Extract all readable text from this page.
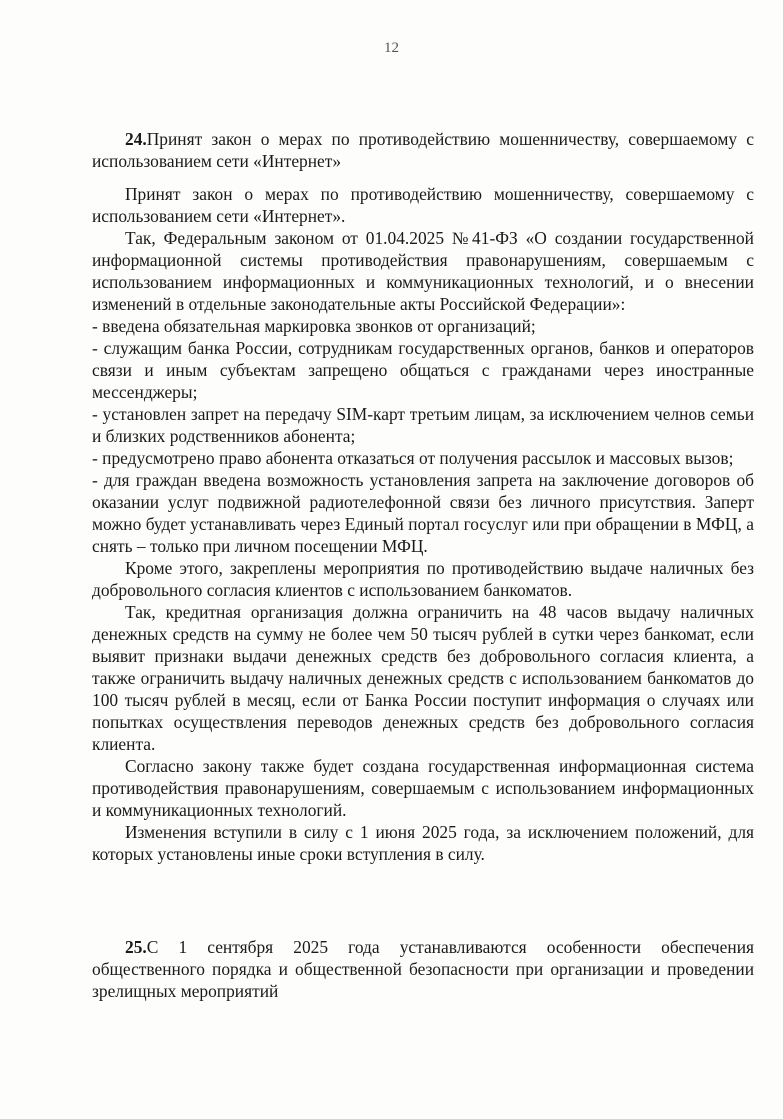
12

24.Принят закон о мерах по противодействию мошенничеству, совершаемому с использованием сети «Интернет»

Принят закон о мерах по противодействию мошенничеству, совершаемому с использованием сети «Интернет».

Так, Федеральным законом от 01.04.2025 №41-ФЗ «О создании государственной информационной системы противодействия правонарушениям, совершаемым с использованием информационных и коммуникационных технологий, и о внесении изменений в отдельные законодательные акты Российской Федерации»:

- введена обязательная маркировка звонков от организаций;

- служащим банка России, сотрудникам государственных органов, банков и операторов связи и иным субъектам запрещено общаться с гражданами через иностранные мессенджеры;

- установлен запрет на передачу SIM-карт третьим лицам, за исключением челнов семьи и близких родственников абонента;

- предусмотрено право абонента отказаться от получения рассылок и массовых вызов;

- для граждан введена возможность установления запрета на заключение договоров об оказании услуг подвижной радиотелефонной связи без личного присутствия. Заперт можно будет устанавливать через Единый портал госуслуг или при обращении в МФЦ, а снять – только при личном посещении МФЦ.

Кроме этого, закреплены мероприятия по противодействию выдаче наличных без добровольного согласия клиентов с использованием банкоматов.

Так, кредитная организация должна ограничить на 48 часов выдачу наличных денежных средств на сумму не более чем 50 тысяч рублей в сутки через банкомат, если выявит признаки выдачи денежных средств без добровольного согласия клиента, а также ограничить выдачу наличных денежных средств с использованием банкоматов до 100 тысяч рублей в месяц, если от Банка России поступит информация о случаях или попытках осуществления переводов денежных средств без добровольного согласия клиента.

Согласно закону также будет создана государственная информационная система противодействия правонарушениям, совершаемым с использованием информационных и коммуникационных технологий.

Изменения вступили в силу с 1 июня 2025 года, за исключением положений, для которых установлены иные сроки вступления в силу.

25.С 1 сентября 2025 года устанавливаются особенности обеспечения общественного порядка и общественной безопасности при организации и проведении зрелищных мероприятий
